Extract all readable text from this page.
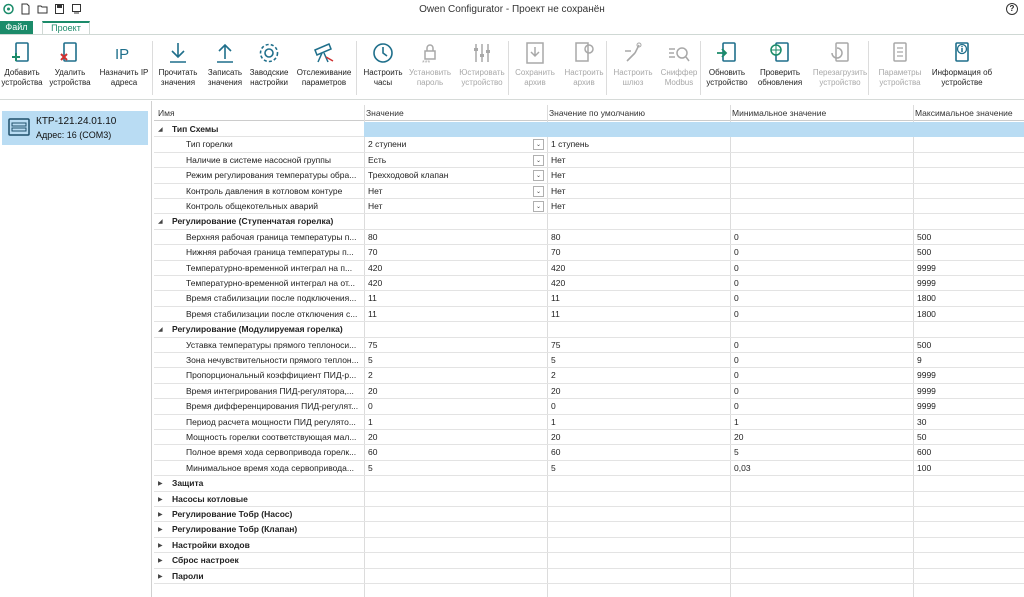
Owen Configurator - Проект не сохранён	?
Файл	Проект
Добавить
устройства
Удалить
устройства
IP
Назначить IP
адреса
Прочитать
значения
Записать
значения
Заводские
настройки
Отслеживание
параметров
Настроить
часы
***
Установить
пароль
Юстировать
устройство
Сохранить
архив
Настроить
архив
Настроить
шлюз
Сниффер
Modbus
Обновить
устройство
Проверить
обновления
Перезагрузить
устройство
Параметры
устройства
Информация об
устройстве
КТР-121.24.01.10
Адрес: 16 (COM3)
Имя	Значение	Значение по умолчанию	Минимальное значение	Максимальное значение
◢	Тип Схемы
Тип горелки	2 ступени	1 ступень
⌄
Наличие в системе насосной группы	Есть	Нет
⌄
Режим регулирования температуры обра...	Трехходовой клапан	Нет
⌄
Контроль давления в котловом контуре	Нет	Нет
⌄
Контроль общекотельных аварий	Нет	Нет
⌄
◢	Регулирование (Ступенчатая горелка)
Верхняя рабочая граница температуры п...	80	80	0	500
Нижняя рабочая граница температуры п...	70	70	0	500
Температурно-временной интеграл на п...	420	420	0	9999
Температурно-временной интеграл на от...	420	420	0	9999
Время стабилизации после подключения...	11	11	0	1800
Время стабилизации после отключения с...	11	11	0	1800
◢	Регулирование (Модулируемая горелка)
Уставка температуры прямого теплоноси...	75	75	0	500
Зона нечувствительности прямого теплон...	5	5	0	9
Пропорциональный коэффициент ПИД-р...	2	2	0	9999
Время интегрирования ПИД-регулятора,...	20	20	0	9999
Время дифференцирования ПИД-регулят...	0	0	0	9999
Период расчета мощности ПИД регулято...	1	1	1	30
Мощность горелки соответствующая мал...	20	20	20	50
Полное время хода сервопривода горелк...	60	60	5	600
Минимальное время хода сервопривода...	5	5	0,03	100
▶	Защита
▶	Насосы котловые
▶	Регулирование Тобр (Насос)
▶	Регулирование Тобр (Клапан)
▶	Настройки входов
▶	Сброс настроек
▶	Пароли
